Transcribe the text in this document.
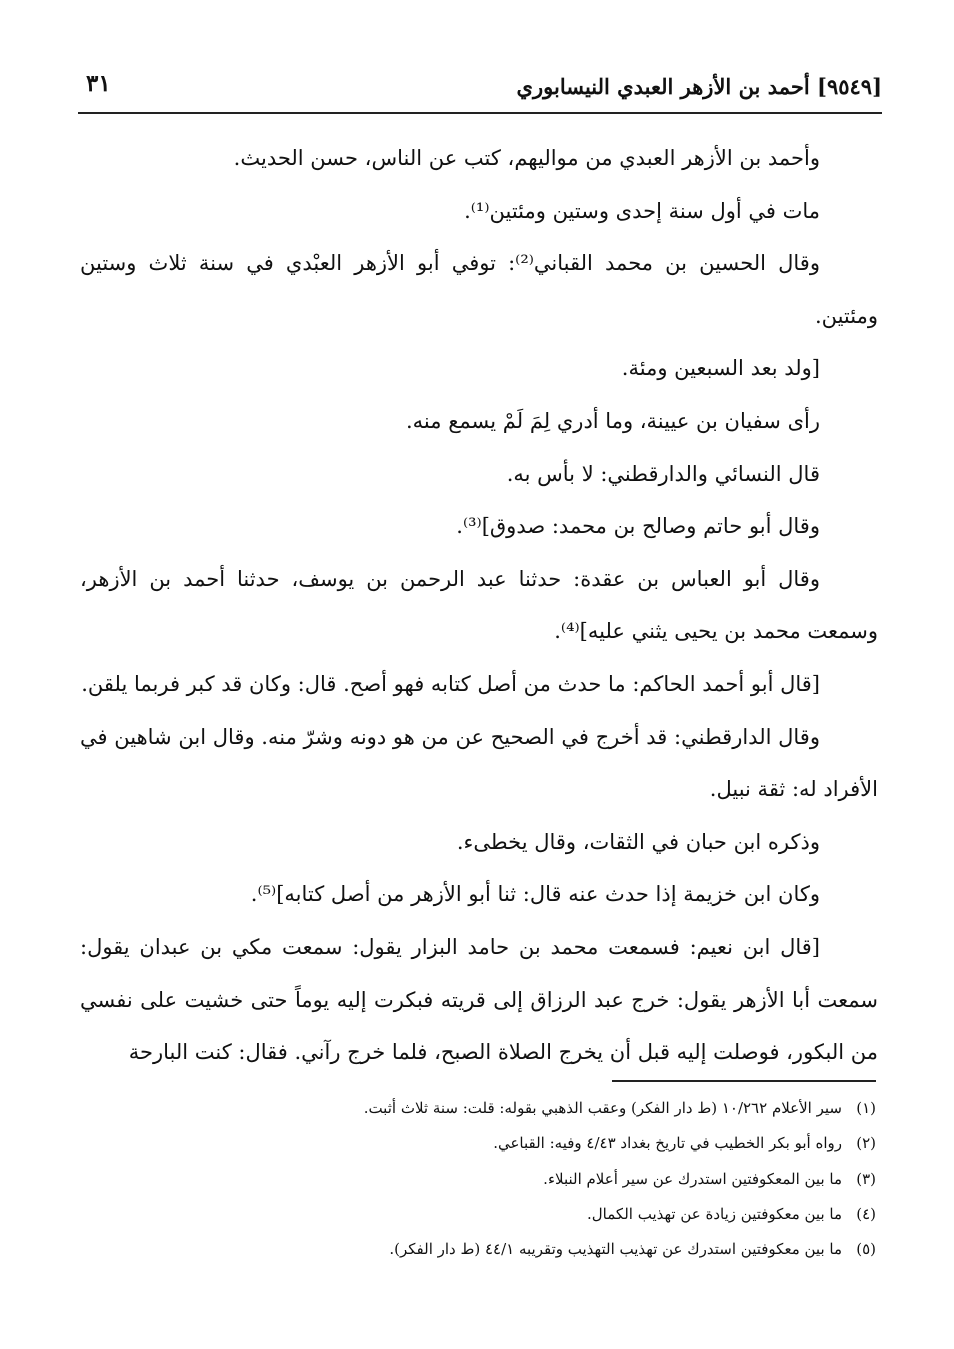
[٩٥٤٩] أحمد بن الأزهر العبدي النيسابوري
٣١

وأحمد بن الأزهر العبدي من مواليهم، كتب عن الناس، حسن الحديث.

مات في أول سنة إحدى وستين ومئتين⁽¹⁾.

وقال الحسين بن محمد القباني⁽²⁾: توفي أبو الأزهر العبْدي في سنة ثلاث وستين ومئتين.

[ولد بعد السبعين ومئة.

رأى سفيان بن عيينة، وما أدري لِمَ لَمْ يسمع منه.

قال النسائي والدارقطني: لا بأس به.

وقال أبو حاتم وصالح بن محمد: صدوق]⁽³⁾.

وقال أبو العباس بن عقدة: حدثنا عبد الرحمن بن يوسف، حدثنا أحمد بن الأزهر، وسمعت محمد بن يحيى يثني عليه]⁽⁴⁾.

[قال أبو أحمد الحاكم: ما حدث من أصل كتابه فهو أصح. قال: وكان قد كبر فربما يلقن.

وقال الدارقطني: قد أخرج في الصحيح عن من هو دونه وشرّ منه. وقال ابن شاهين في الأفراد له: ثقة نبيل.

وذكره ابن حبان في الثقات، وقال يخطىء.

وكان ابن خزيمة إذا حدث عنه قال: ثنا أبو الأزهر من أصل كتابه]⁽⁵⁾.

[قال ابن نعيم: فسمعت محمد بن حامد البزار يقول: سمعت مكي بن عبدان يقول: سمعت أبا الأزهر يقول: خرج عبد الرزاق إلى قريته فبكرت إليه يوماً حتى خشيت على نفسي من البكور، فوصلت إليه قبل أن يخرج الصلاة الصبح، فلما خرج رآني. فقال: كنت البارحة

(١)سير الأعلام ١٠/٢٦٢ (ط دار الفكر) وعقب الذهبي بقوله: قلت: سنة ثلاث أثبت.
(٢)رواه أبو بكر الخطيب في تاريخ بغداد ٤/٤٣ وفيه: القباعي.
(٣)ما بين المعكوفتين استدرك عن سير أعلام النبلاء.
(٤)ما بين معكوفتين زيادة عن تهذيب الكمال.
(٥)ما بين معكوفتين استدرك عن تهذيب التهذيب وتقريبه ٤٤/١ (ط دار الفكر).
